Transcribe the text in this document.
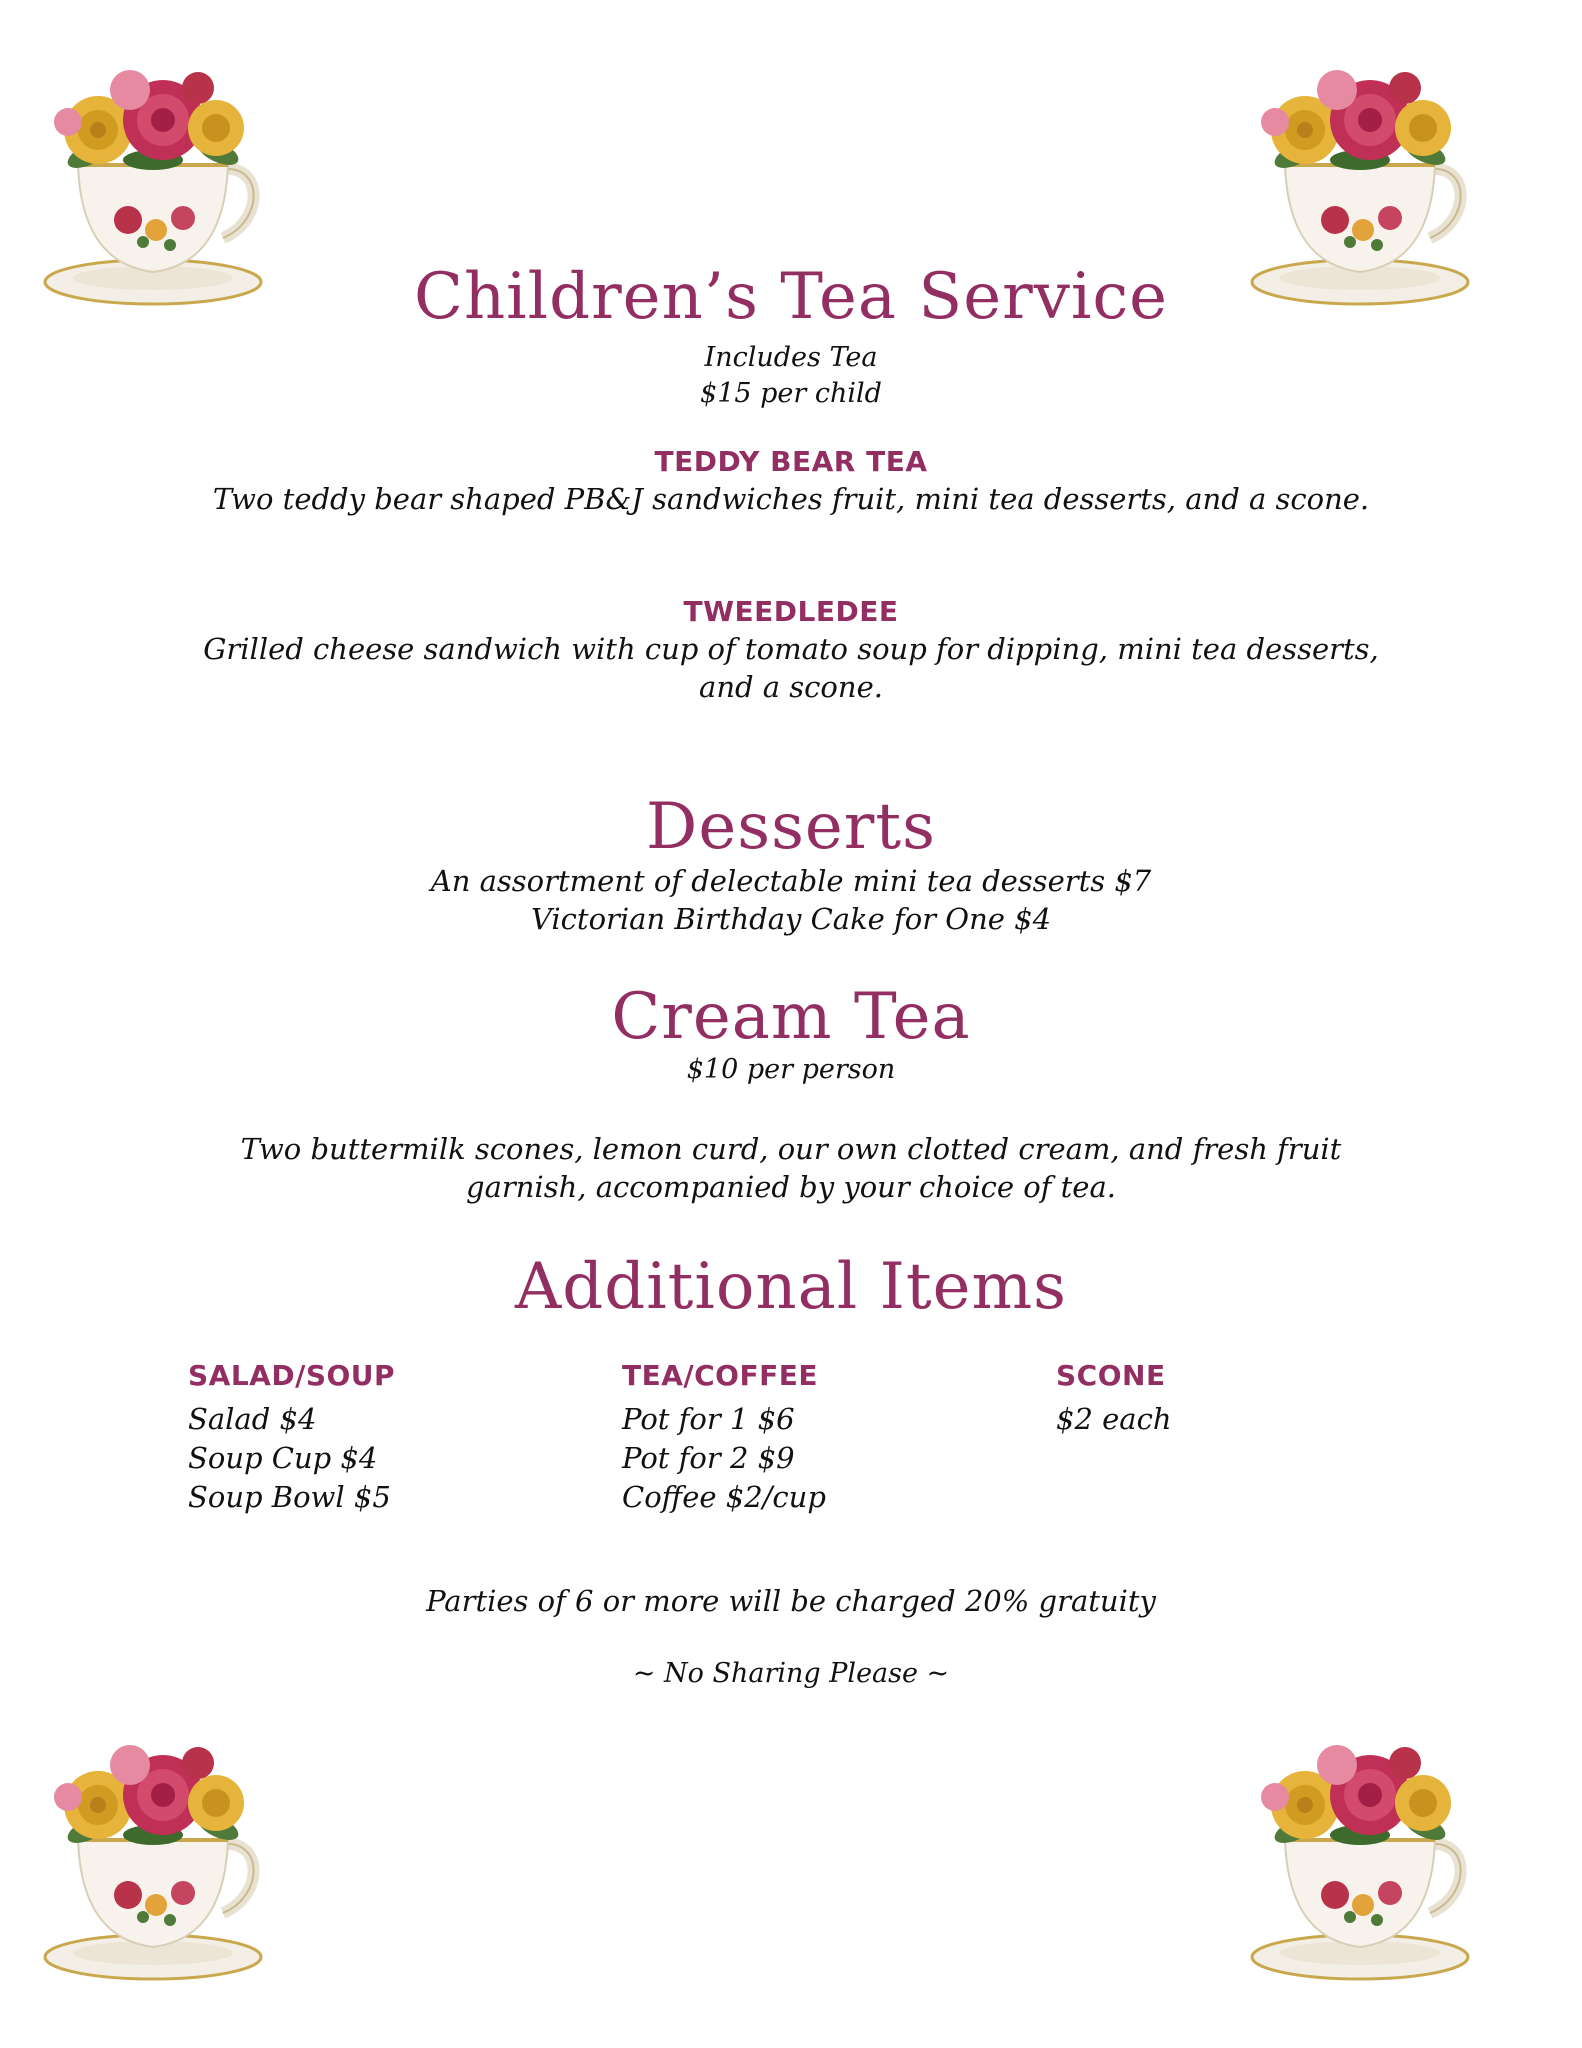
Children’s Tea Service
Includes Tea
$15 per child
TEDDY BEAR TEA
Two teddy bear shaped PB&J sandwiches fruit, mini tea desserts, and a scone.
TWEEDLEDEE
Grilled cheese sandwich with cup of tomato soup for dipping, mini tea desserts,
and a scone.
Desserts
An assortment of delectable mini tea desserts $7
Victorian Birthday Cake for One $4
Cream Tea
$10 per person
Two buttermilk scones, lemon curd, our own clotted cream, and fresh fruit
garnish, accompanied by your choice of tea.
Additional Items
SALAD/SOUP
Salad $4
Soup Cup $4
Soup Bowl $5
TEA/COFFEE
Pot for 1 $6
Pot for 2 $9
Coffee $2/cup
SCONE
$2 each
Parties of 6 or more will be charged 20% gratuity
~ No Sharing Please ~
